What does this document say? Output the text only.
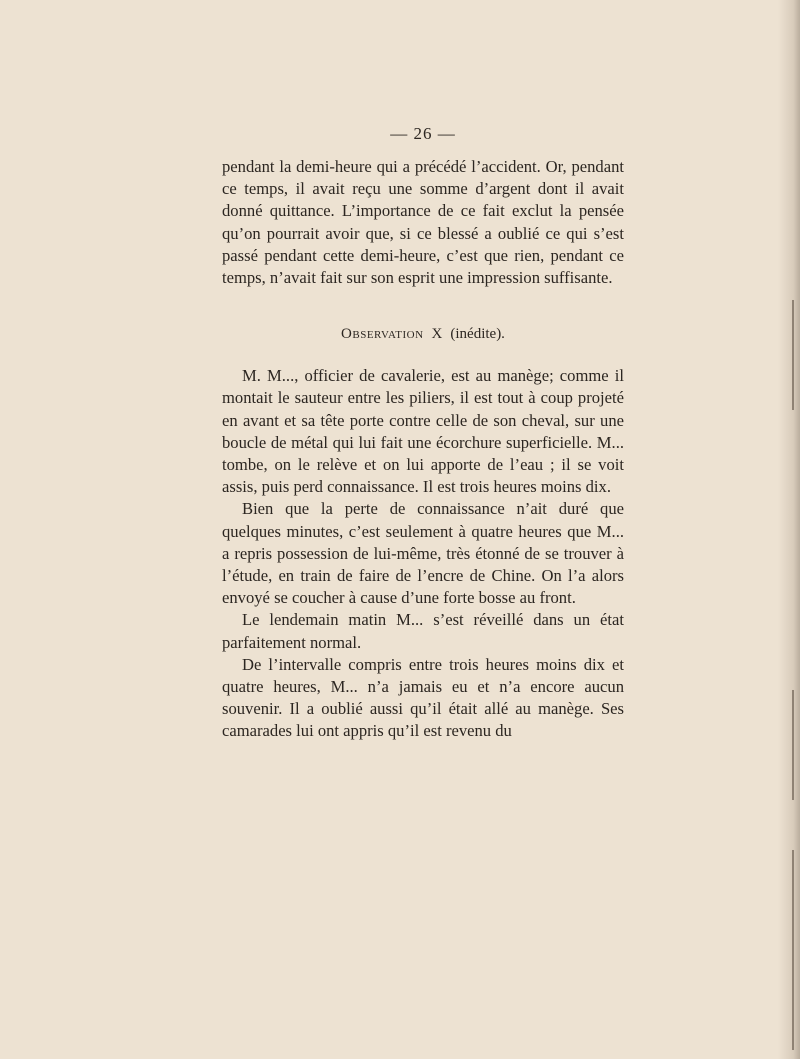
— 26 —

pendant la demi-heure qui a précédé l’accident. Or, pendant ce temps, il avait reçu une somme d’argent dont il avait donné quittance. L’importance de ce fait exclut la pensée qu’on pourrait avoir que, si ce blessé a oublié ce qui s’est passé pendant cette demi-heure, c’est que rien, pendant ce temps, n’avait fait sur son esprit une impression suffisante.

Observation X (inédite).

M. M..., officier de cavalerie, est au manège; comme il montait le sauteur entre les piliers, il est tout à coup projeté en avant et sa tête porte contre celle de son cheval, sur une boucle de métal qui lui fait une écorchure superficielle. M... tombe, on le relève et on lui apporte de l’eau ; il se voit assis, puis perd connaissance. Il est trois heures moins dix.

Bien que la perte de connaissance n’ait duré que quelques minutes, c’est seulement à quatre heures que M... a repris possession de lui-même, très étonné de se trouver à l’étude, en train de faire de l’encre de Chine. On l’a alors envoyé se coucher à cause d’une forte bosse au front.

Le lendemain matin M... s’est réveillé dans un état parfaitement normal.

De l’intervalle compris entre trois heures moins dix et quatre heures, M... n’a jamais eu et n’a encore aucun souvenir. Il a oublié aussi qu’il était allé au manège. Ses camarades lui ont appris qu’il est revenu du
